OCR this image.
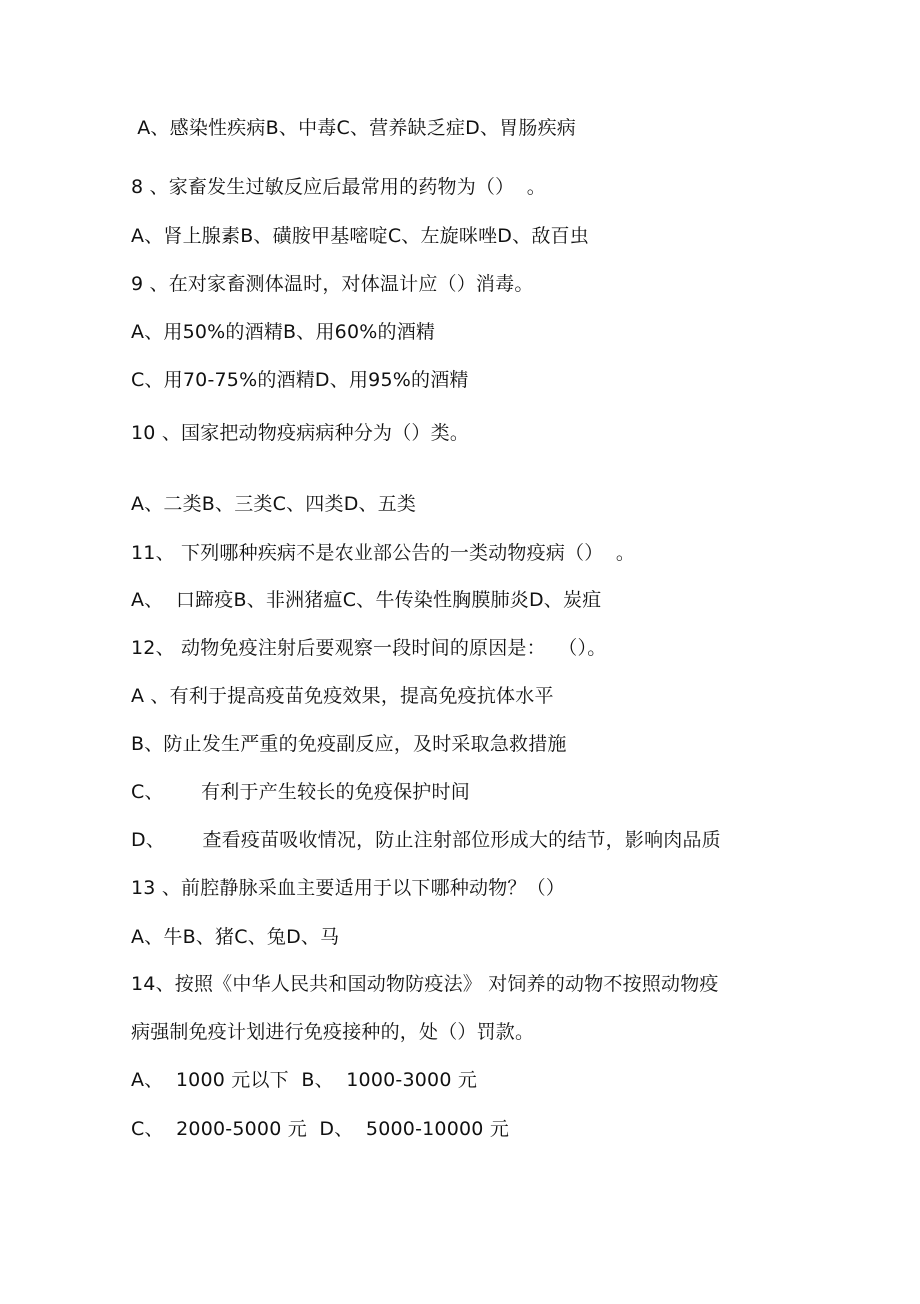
A、感染性疾病B、中毒C、营养缺乏症D、胃肠疾病
8 、家畜发生过敏反应后最常用的药物为（）  。
A、肾上腺素B、磺胺甲基嘧啶C、左旋咪唑D、敌百虫
9 、在对家畜测体温时，对体温计应（）消毒。
A、用50%的酒精B、用60%的酒精
C、用70-75%的酒精D、用95%的酒精
10 、国家把动物疫病病种分为（）类。
A、二类B、三类C、四类D、五类
11、 下列哪种疾病不是农业部公告的一类动物疫病（）  。
A、  口蹄疫B、非洲猪瘟C、牛传染性胸膜肺炎D、炭疽
12、 动物免疫注射后要观察一段时间的原因是：  （）。
A 、有利于提高疫苗免疫效果，提高免疫抗体水平
B、防止发生严重的免疫副反应，及时采取急救措施
C、      有利于产生较长的免疫保护时间
D、      查看疫苗吸收情况，防止注射部位形成大的结节，影响肉品质
13 、前腔静脉采血主要适用于以下哪种动物？（）
A、牛B、猪C、兔D、马
14、按照《中华人民共和国动物防疫法》 对饲养的动物不按照动物疫
病强制免疫计划进行免疫接种的，处（）罚款。
A、  1000 元以下  B、  1000-3000 元
C、  2000-5000 元  D、  5000-10000 元
